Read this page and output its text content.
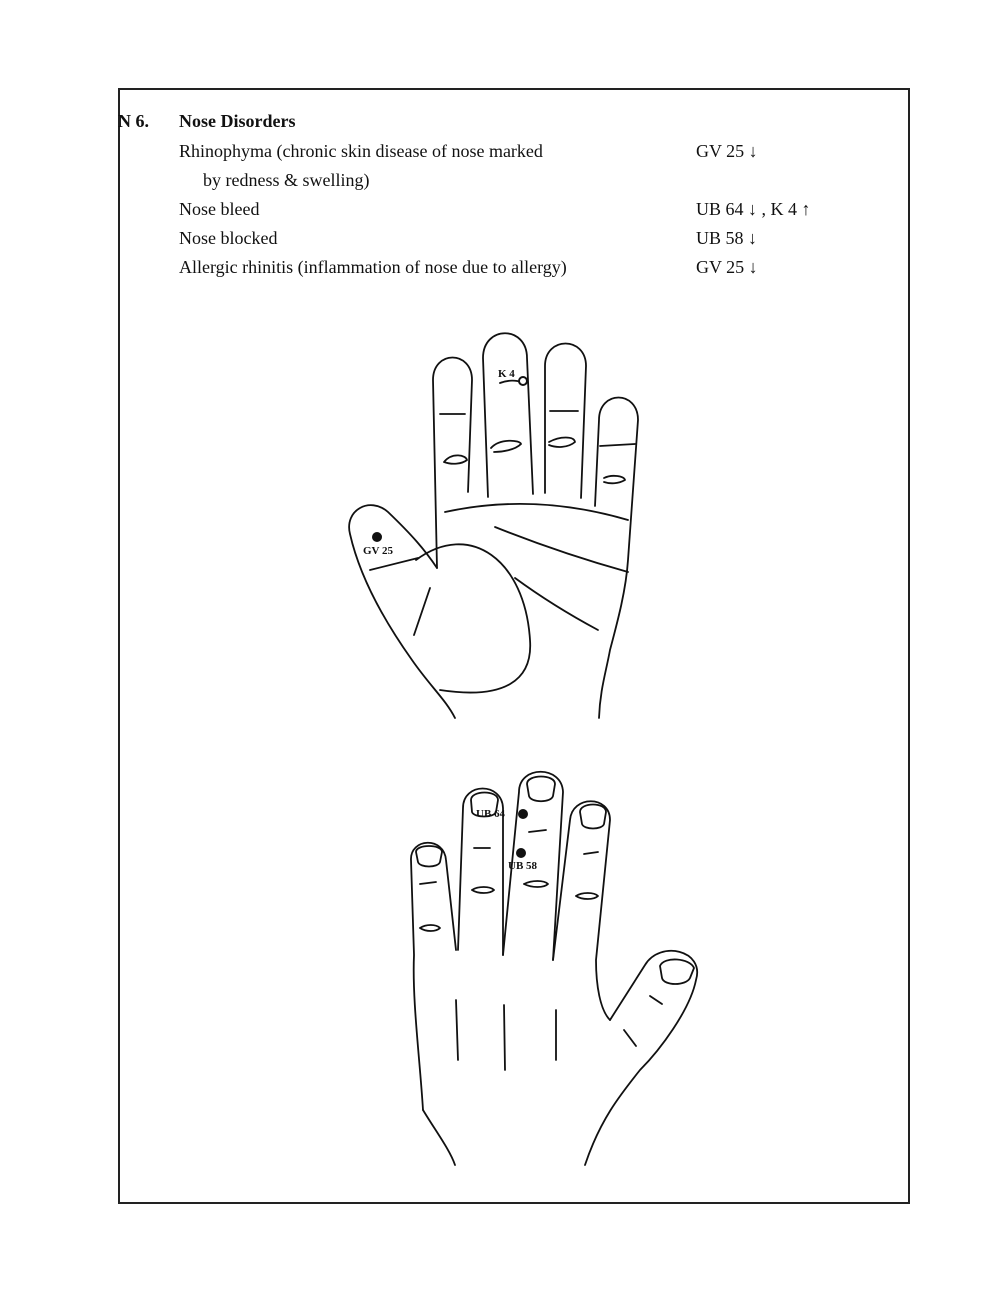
N 6. Nose Disorders
Rhinophyma (chronic skin disease of nose marked	GV 25 ↓
by redness & swelling)
Nose bleed	UB 64 ↓ , K 4 ↑
Nose blocked	UB 58 ↓
Allergic rhinitis (inflammation of nose due to allergy)	GV 25 ↓
K 4
GV 25
UB 64
UB 58
